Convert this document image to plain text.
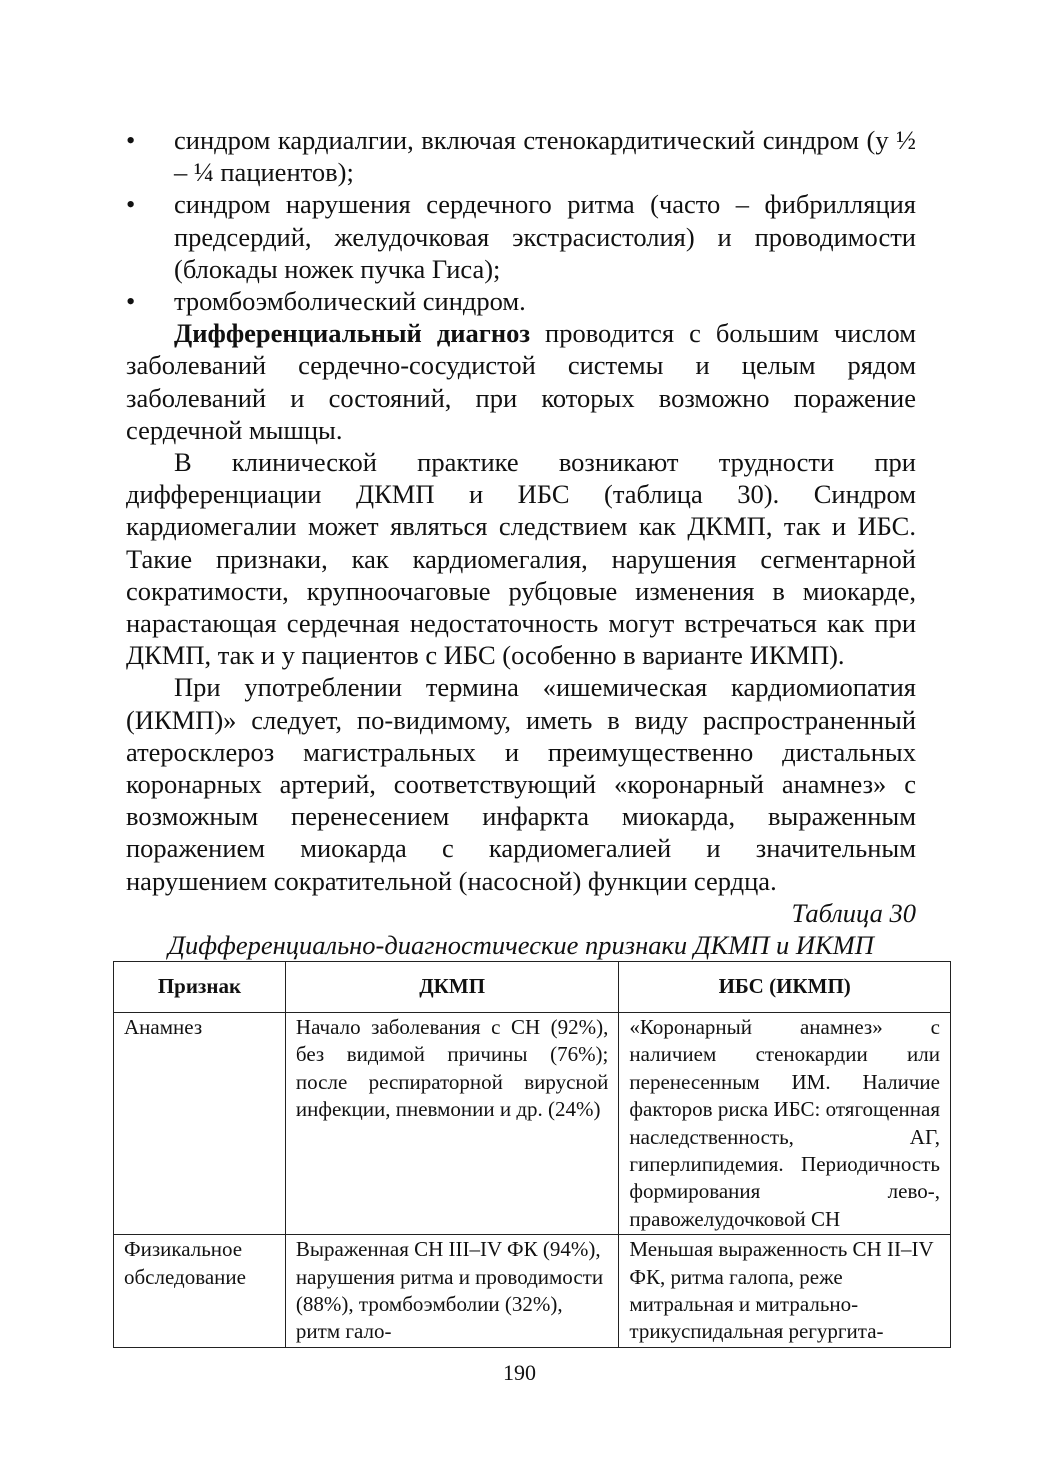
• синдром кардиалгии, включая стенокардитический синдром (у ½ – ¼ пациентов);
• синдром нарушения сердечного ритма (часто – фибрилляция предсердий, желудочковая экстрасистолия) и проводимости (блокады ножек пучка Гиса);
• тромбоэмболический синдром.

Дифференциальный диагноз проводится с большим числом заболеваний сердечно-сосудистой системы и целым рядом заболеваний и состояний, при которых возможно поражение сердечной мышцы.

В клинической практике возникают трудности при дифференциации ДКМП и ИБС (таблица 30). Синдром кардиомегалии может являться следствием как ДКМП, так и ИБС. Такие признаки, как кардиомегалия, нарушения сегментарной сократимости, крупноочаговые рубцовые изменения в миокарде, нарастающая сердечная недостаточность могут встречаться как при ДКМП, так и у пациентов с ИБС (особенно в варианте ИКМП).

При употреблении термина «ишемическая кардиомиопатия (ИКМП)» следует, по-видимому, иметь в виду распространенный атеросклероз магистральных и преимущественно дистальных коронарных артерий, соответствующий «коронарный анамнез» с возможным перенесением инфаркта миокарда, выраженным поражением миокарда с кардиомегалией и значительным нарушением сократительной (насосной) функции сердца.

Таблица 30

Дифференциально-диагностические признаки ДКМП и ИКМП

Признак	ДКМП	ИБС (ИКМП)
Анамнез	Начало заболевания с СН (92%), без видимой причины (76%); после респираторной вирусной инфекции, пневмонии и др. (24%)	«Коронарный анамнез» с наличием стенокардии или перенесенным ИМ. Наличие факторов риска ИБС: отягощенная наследственность, АГ, гиперлипидемия. Периодичность формирования лево-, правожелудочковой СН
Физикальное обследование	Выраженная СН III–IV ФК (94%), нарушения ритма и проводимости (88%), тромбоэмболии (32%), ритм гало-	Меньшая выраженность СН II–IV ФК, ритма галопа, реже митральная и митрально-трикуспидальная регургита-
190
